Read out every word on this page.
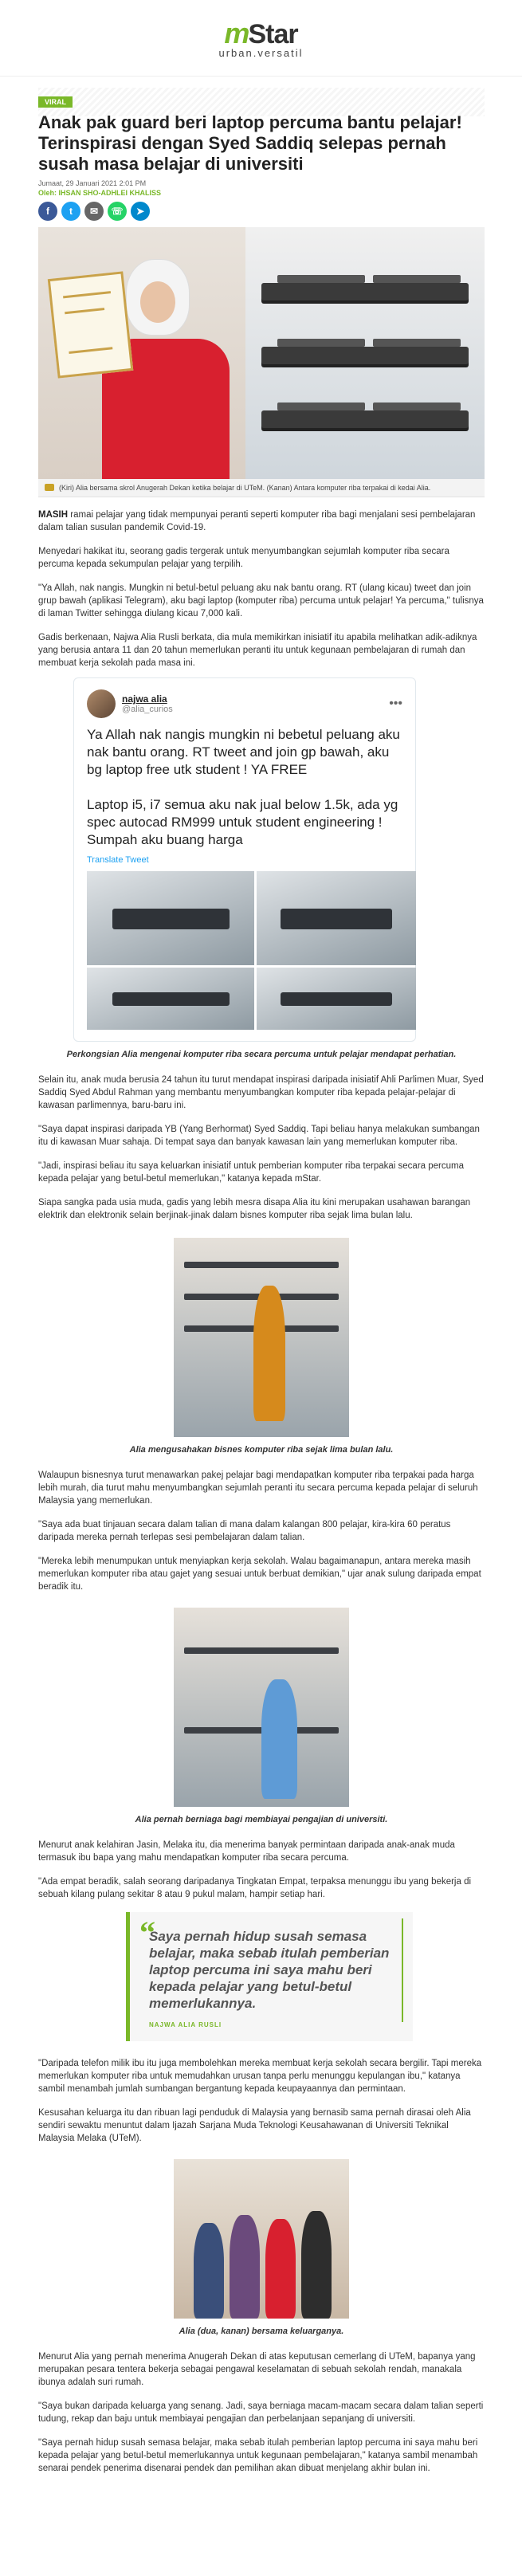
m Star
urban.versatil
VIRAL
Anak pak guard beri laptop percuma bantu pelajar! Terinspirasi dengan Syed Saddiq selepas pernah susah masa belajar di universiti
Jumaat, 29 Januari 2021 2:01 PM
Oleh: IHSAN SHO-ADHLEI KHALISS
f	t	✉	☏	➤
(Kiri) Alia bersama skrol Anugerah Dekan ketika belajar di UTeM. (Kanan) Antara komputer riba terpakai di kedai Alia.

MASIH ramai pelajar yang tidak mempunyai peranti seperti komputer riba bagi menjalani sesi pembelajaran dalam talian susulan pandemik Covid-19.

Menyedari hakikat itu, seorang gadis tergerak untuk menyumbangkan sejumlah komputer riba secara percuma kepada sekumpulan pelajar yang terpilih.

"Ya Allah, nak nangis. Mungkin ni betul-betul peluang aku nak bantu orang. RT (ulang kicau) tweet dan join grup bawah (aplikasi Telegram), aku bagi laptop (komputer riba) percuma untuk pelajar! Ya percuma," tulisnya di laman Twitter sehingga diulang kicau 7,000 kali.

Gadis berkenaan, Najwa Alia Rusli berkata, dia mula memikirkan inisiatif itu apabila melihatkan adik-adiknya yang berusia antara 11 dan 20 tahun memerlukan peranti itu untuk kegunaan pembelajaran di rumah dan membuat kerja sekolah pada masa ini.

najwa alia
@alia_curios	•••

Ya Allah nak nangis mungkin ni bebetul peluang aku nak bantu orang. RT tweet and join gp bawah, aku bg laptop free utk student ! YA FREE

Laptop i5, i7 semua aku nak jual below 1.5k, ada yg spec autocad RM999 untuk student engineering ! Sumpah aku buang harga

Translate Tweet

Perkongsian Alia mengenai komputer riba secara percuma untuk pelajar mendapat perhatian.

Selain itu, anak muda berusia 24 tahun itu turut mendapat inspirasi daripada inisiatif Ahli Parlimen Muar, Syed Saddiq Syed Abdul Rahman yang membantu menyumbangkan komputer riba kepada pelajar-pelajar di kawasan parlimennya, baru-baru ini.

"Saya dapat inspirasi daripada YB (Yang Berhormat) Syed Saddiq. Tapi beliau hanya melakukan sumbangan itu di kawasan Muar sahaja. Di tempat saya dan banyak kawasan lain yang memerlukan komputer riba.

"Jadi, inspirasi beliau itu saya keluarkan inisiatif untuk pemberian komputer riba terpakai secara percuma kepada pelajar yang betul-betul memerlukan," katanya kepada mStar.

Siapa sangka pada usia muda, gadis yang lebih mesra disapa Alia itu kini merupakan usahawan barangan elektrik dan elektronik selain berjinak-jinak dalam bisnes komputer riba sejak lima bulan lalu.

Alia mengusahakan bisnes komputer riba sejak lima bulan lalu.

Walaupun bisnesnya turut menawarkan pakej pelajar bagi mendapatkan komputer riba terpakai pada harga lebih murah, dia turut mahu menyumbangkan sejumlah peranti itu secara percuma kepada pelajar di seluruh Malaysia yang memerlukan.

"Saya ada buat tinjauan secara dalam talian di mana dalam kalangan 800 pelajar, kira-kira 60 peratus daripada mereka pernah terlepas sesi pembelajaran dalam talian.

"Mereka lebih menumpukan untuk menyiapkan kerja sekolah. Walau bagaimanapun, antara mereka masih memerlukan komputer riba atau gajet yang sesuai untuk berbuat demikian," ujar anak sulung daripada empat beradik itu.

Alia pernah berniaga bagi membiayai pengajian di universiti.

Menurut anak kelahiran Jasin, Melaka itu, dia menerima banyak permintaan daripada anak-anak muda termasuk ibu bapa yang mahu mendapatkan komputer riba secara percuma.

"Ada empat beradik, salah seorang daripadanya Tingkatan Empat, terpaksa menunggu ibu yang bekerja di sebuah kilang pulang sekitar 8 atau 9 pukul malam, hampir setiap hari.

“

Saya pernah hidup susah semasa belajar, maka sebab itulah pemberian laptop percuma ini saya mahu beri kepada pelajar yang betul-betul memerlukannya.

NAJWA ALIA RUSLI

"Daripada telefon milik ibu itu juga membolehkan mereka membuat kerja sekolah secara bergilir. Tapi mereka memerlukan komputer riba untuk memudahkan urusan tanpa perlu menunggu kepulangan ibu," katanya sambil menambah jumlah sumbangan bergantung kepada keupayaannya dan permintaan.

Kesusahan keluarga itu dan ribuan lagi penduduk di Malaysia yang bernasib sama pernah dirasai oleh Alia sendiri sewaktu menuntut dalam Ijazah Sarjana Muda Teknologi Keusahawanan di Universiti Teknikal Malaysia Melaka (UTeM).

Alia (dua, kanan) bersama keluarganya.

Menurut Alia yang pernah menerima Anugerah Dekan di atas keputusan cemerlang di UTeM, bapanya yang merupakan pesara tentera bekerja sebagai pengawal keselamatan di sebuah sekolah rendah, manakala ibunya adalah suri rumah.

"Saya bukan daripada keluarga yang senang. Jadi, saya berniaga macam-macam secara dalam talian seperti tudung, rekap dan baju untuk membiayai pengajian dan perbelanjaan sepanjang di universiti.

"Saya pernah hidup susah semasa belajar, maka sebab itulah pemberian laptop percuma ini saya mahu beri kepada pelajar yang betul-betul memerlukannya untuk kegunaan pembelajaran," katanya sambil menambah senarai pendek penerima disenarai pendek dan pemilihan akan dibuat menjelang akhir bulan ini.
